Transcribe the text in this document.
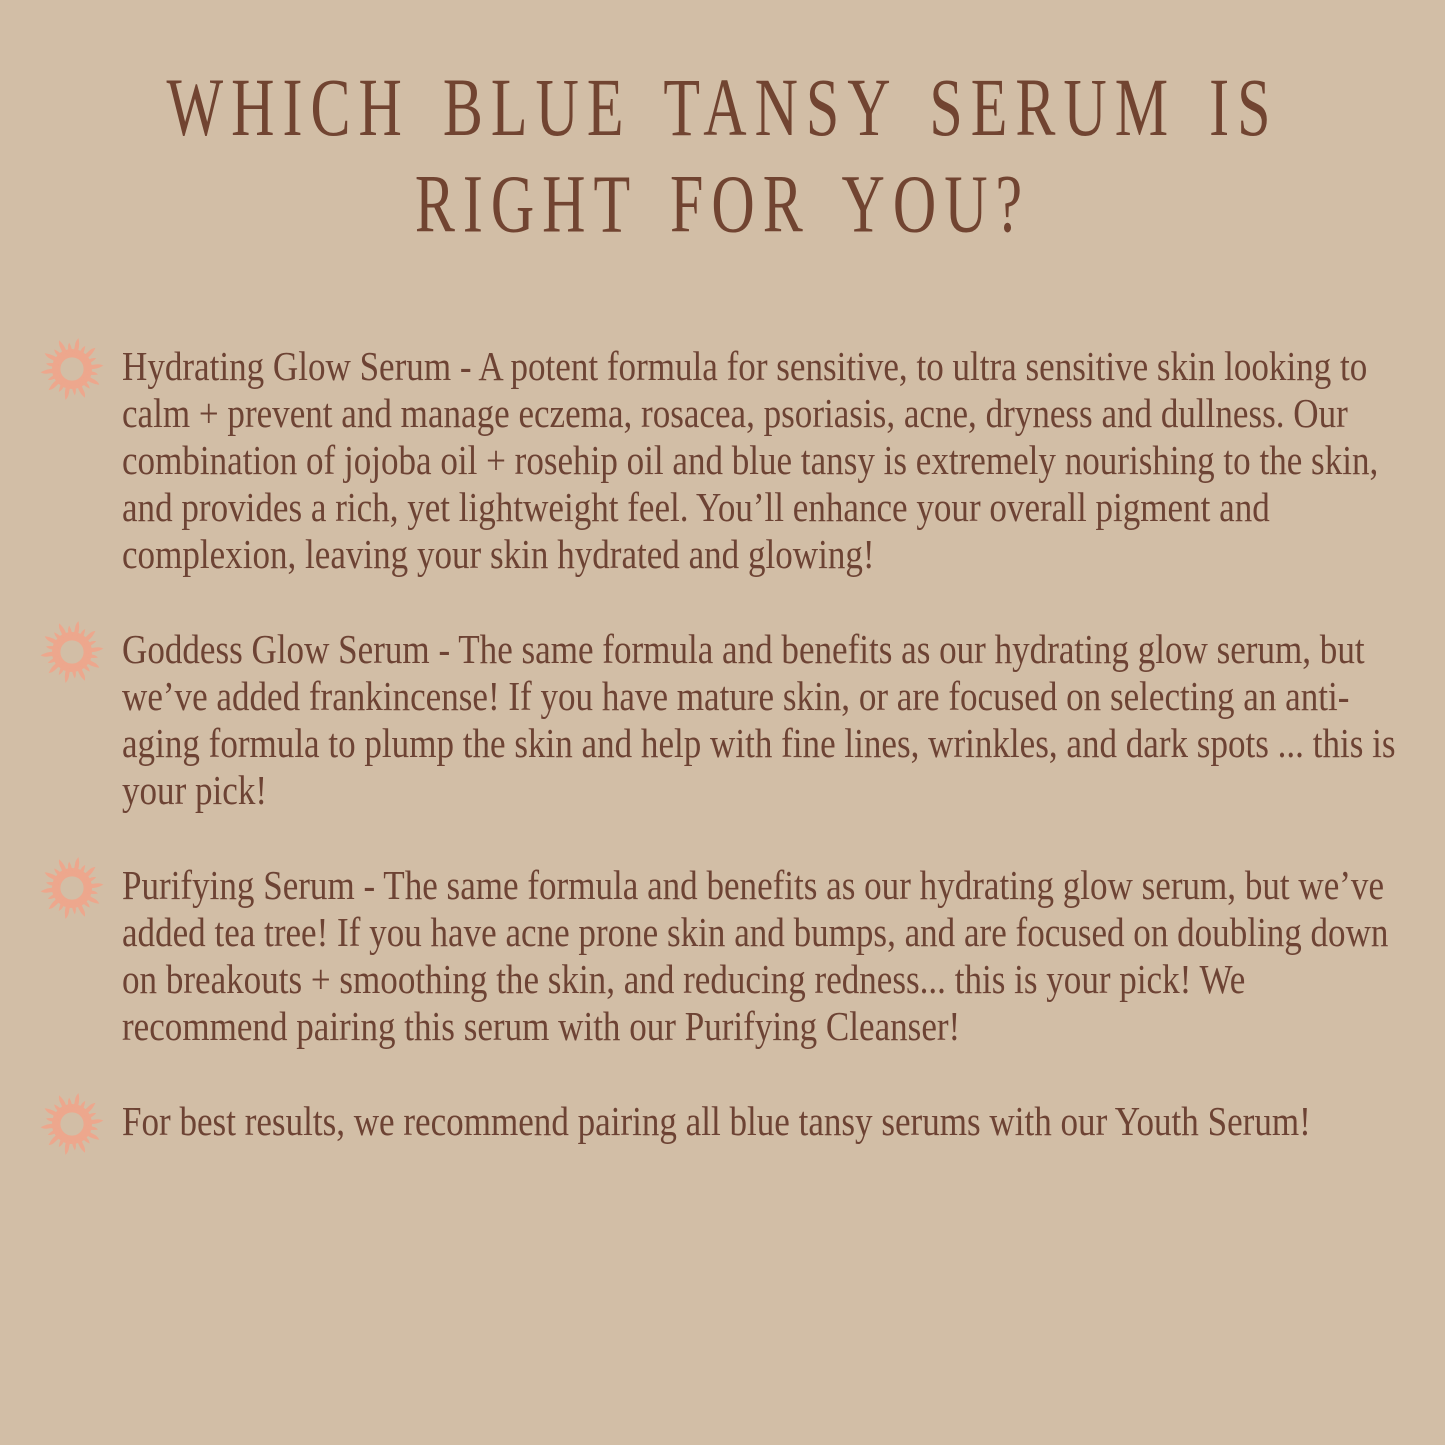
WHICH BLUE TANSY SERUM IS
RIGHT FOR YOU?

Hydrating Glow Serum - A potent formula for sensitive, to ultra sensitive skin looking to calm + prevent and manage eczema, rosacea, psoriasis, acne, dryness and dullness. Our combination of jojoba oil + rosehip oil and blue tansy is extremely nourishing to the skin, and provides a rich, yet lightweight feel. You’ll enhance your overall pigment and complexion, leaving your skin hydrated and glowing!

Goddess Glow Serum - The same formula and benefits as our hydrating glow serum, but we’ve added frankincense! If you have mature skin, or are focused on selecting an anti-aging formula to plump the skin and help with fine lines, wrinkles, and dark spots ... this is your pick!

Purifying Serum - The same formula and benefits as our hydrating glow serum, but we’ve added tea tree! If you have acne prone skin and bumps, and are focused on doubling down on breakouts + smoothing the skin, and reducing redness... this is your pick! We recommend pairing this serum with our Purifying Cleanser!

For best results, we recommend pairing all blue tansy serums with our Youth Serum!
